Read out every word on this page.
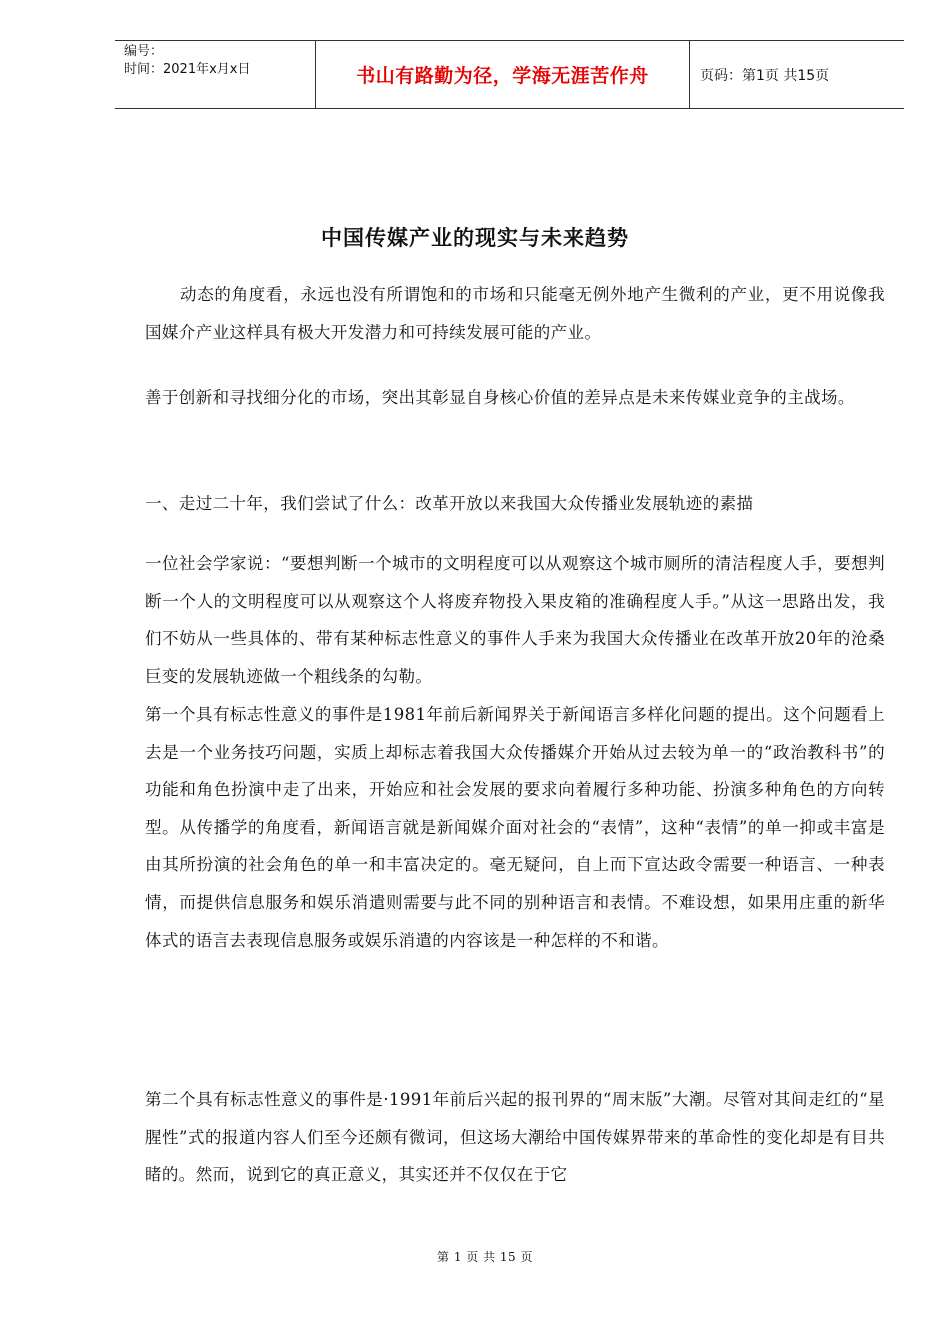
编号：
时间：2021年x月x日	书山有路勤为径，学海无涯苦作舟	页码：第1页 共15页
中国传媒产业的现实与未来趋势
动态的角度看，永远也没有所谓饱和的市场和只能毫无例外地产生微利的产业，更不用说像我国媒介产业这样具有极大开发潜力和可持续发展可能的产业。
善于创新和寻找细分化的市场，突出其彰显自身核心价值的差异点是未来传媒业竞争的主战场。
一、走过二十年，我们尝试了什么：改革开放以来我国大众传播业发展轨迹的素描
一位社会学家说：“要想判断一个城市的文明程度可以从观察这个城市厕所的清洁程度人手，要想判断一个人的文明程度可以从观察这个人将废弃物投入果皮箱的准确程度人手。”从这一思路出发，我们不妨从一些具体的、带有某种标志性意义的事件人手来为我国大众传播业在改革开放20年的沧桑巨变的发展轨迹做一个粗线条的勾勒。
第一个具有标志性意义的事件是1981年前后新闻界关于新闻语言多样化问题的提出。这个问题看上去是一个业务技巧问题，实质上却标志着我国大众传播媒介开始从过去较为单一的“政治教科书”的功能和角色扮演中走了出来，开始应和社会发展的要求向着履行多种功能、扮演多种角色的方向转型。从传播学的角度看，新闻语言就是新闻媒介面对社会的“表情”，这种“表情”的单一抑或丰富是由其所扮演的社会角色的单一和丰富决定的。毫无疑问，自上而下宣达政令需要一种语言、一种表情，而提供信息服务和娱乐消遣则需要与此不同的别种语言和表情。不难设想，如果用庄重的新华体式的语言去表现信息服务或娱乐消遣的内容该是一种怎样的不和谐。
第二个具有标志性意义的事件是·1991年前后兴起的报刊界的“周末版”大潮。尽管对其间走红的“星腥性”式的报道内容人们至今还颇有微词，但这场大潮给中国传媒界带来的革命性的变化却是有目共睹的。然而，说到它的真正意义，其实还并不仅仅在于它
第 1 页 共 15 页
